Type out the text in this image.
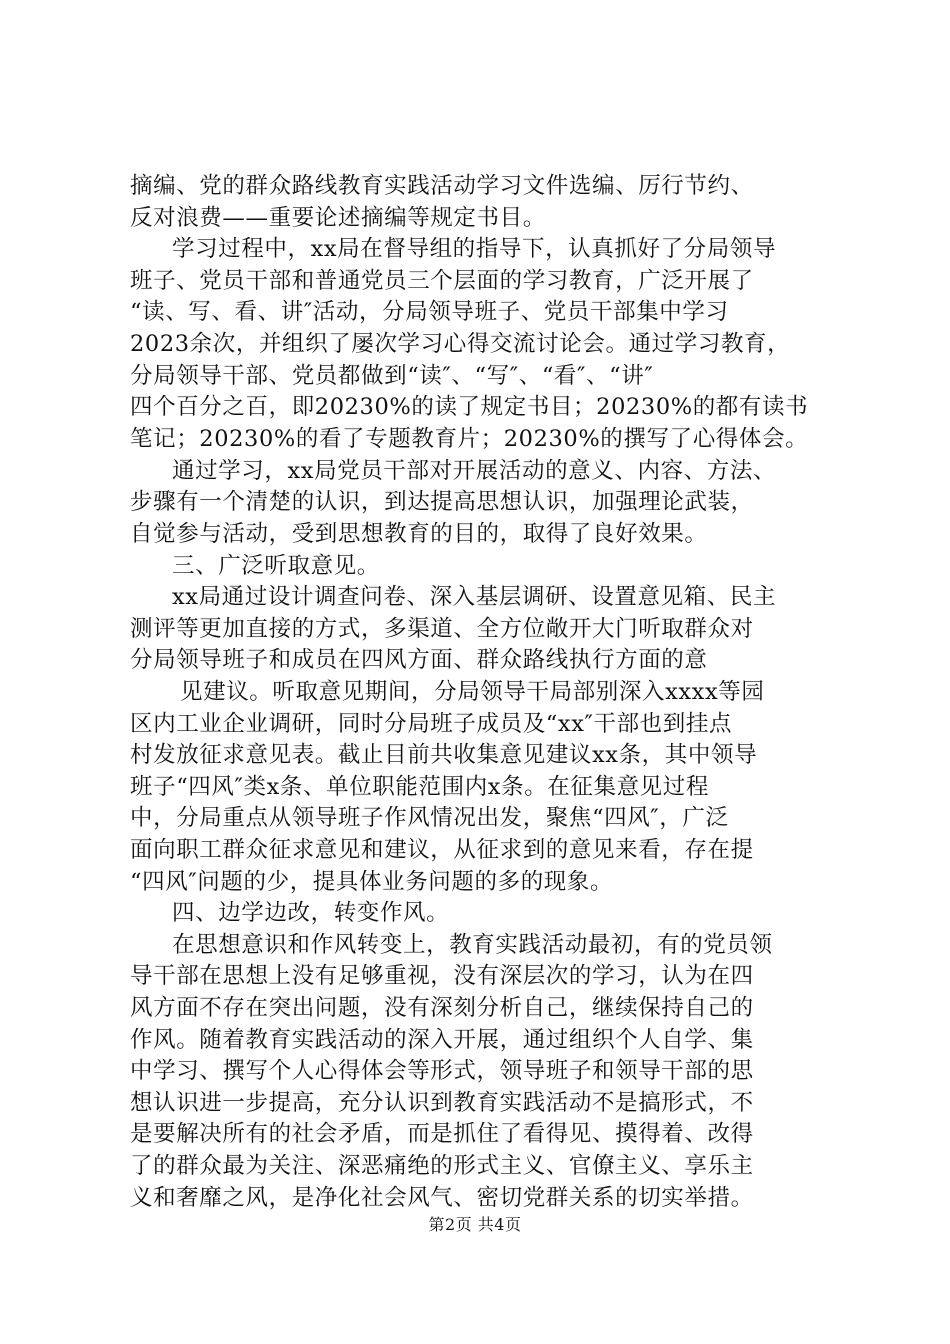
摘编、党的群众路线教育实践活动学习文件选编、厉行节约、
反对浪费——重要论述摘编等规定书目。
学习过程中，xx局在督导组的指导下，认真抓好了分局领导
班子、党员干部和普通党员三个层面的学习教育，广泛开展了
“读、写、看、讲″活动，分局领导班子、党员干部集中学习
2023余次，并组织了屡次学习心得交流讨论会。通过学习教育，
分局领导干部、党员都做到“读″、“写″、“看″、“讲″
四个百分之百，即20230%的读了规定书目；20230%的都有读书
笔记；20230%的看了专题教育片；20230%的撰写了心得体会。
通过学习，xx局党员干部对开展活动的意义、内容、方法、
步骤有一个清楚的认识，到达提高思想认识，加强理论武装，
自觉参与活动，受到思想教育的目的，取得了良好效果。
三、广泛听取意见。
xx局通过设计调查问卷、深入基层调研、设置意见箱、民主
测评等更加直接的方式，多渠道、全方位敞开大门听取群众对
分局领导班子和成员在四风方面、群众路线执行方面的意
见建议。听取意见期间，分局领导干局部别深入xxxx等园
区内工业企业调研，同时分局班子成员及“xx″干部也到挂点
村发放征求意见表。截止目前共收集意见建议xx条，其中领导
班子“四风″类x条、单位职能范围内x条。在征集意见过程
中，分局重点从领导班子作风情况出发，聚焦“四风″，广泛
面向职工群众征求意见和建议，从征求到的意见来看，存在提
“四风″问题的少，提具体业务问题的多的现象。
四、边学边改，转变作风。
在思想意识和作风转变上，教育实践活动最初，有的党员领
导干部在思想上没有足够重视，没有深层次的学习，认为在四
风方面不存在突出问题，没有深刻分析自己，继续保持自己的
作风。随着教育实践活动的深入开展，通过组织个人自学、集
中学习、撰写个人心得体会等形式，领导班子和领导干部的思
想认识进一步提高，充分认识到教育实践活动不是搞形式，不
是要解决所有的社会矛盾，而是抓住了看得见、摸得着、改得
了的群众最为关注、深恶痛绝的形式主义、官僚主义、享乐主
义和奢靡之风，是净化社会风气、密切党群关系的切实举措。
第2页 共4页
